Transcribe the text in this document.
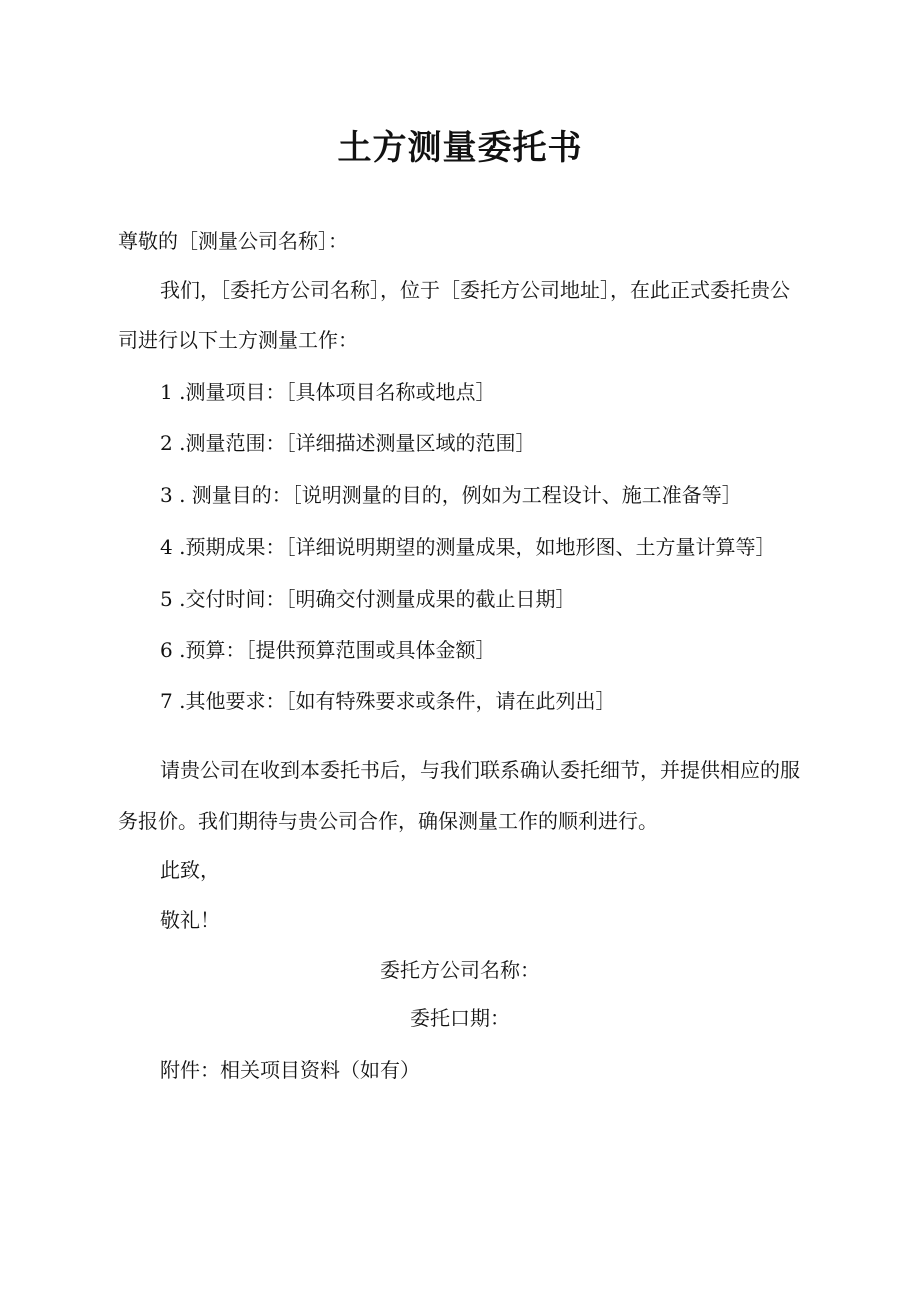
土方测量委托书
尊敬的［测量公司名称］：
我们，［委托方公司名称］，位于［委托方公司地址］，在此正式委托贵公
司进行以下土方测量工作：
1 .测量项目：［具体项目名称或地点］
2 .测量范围：［详细描述测量区域的范围］
3 . 测量目的：［说明测量的目的，例如为工程设计、施工准备等］
4 .预期成果：［详细说明期望的测量成果，如地形图、土方量计算等］
5 .交付时间：［明确交付测量成果的截止日期］
6 .预算：［提供预算范围或具体金额］
7 .其他要求：［如有特殊要求或条件，请在此列出］
请贵公司在收到本委托书后，与我们联系确认委托细节，并提供相应的服
务报价。我们期待与贵公司合作，确保测量工作的顺利进行。
此致，
敬礼！
委托方公司名称：
委托口期：
附件：相关项目资料（如有）
